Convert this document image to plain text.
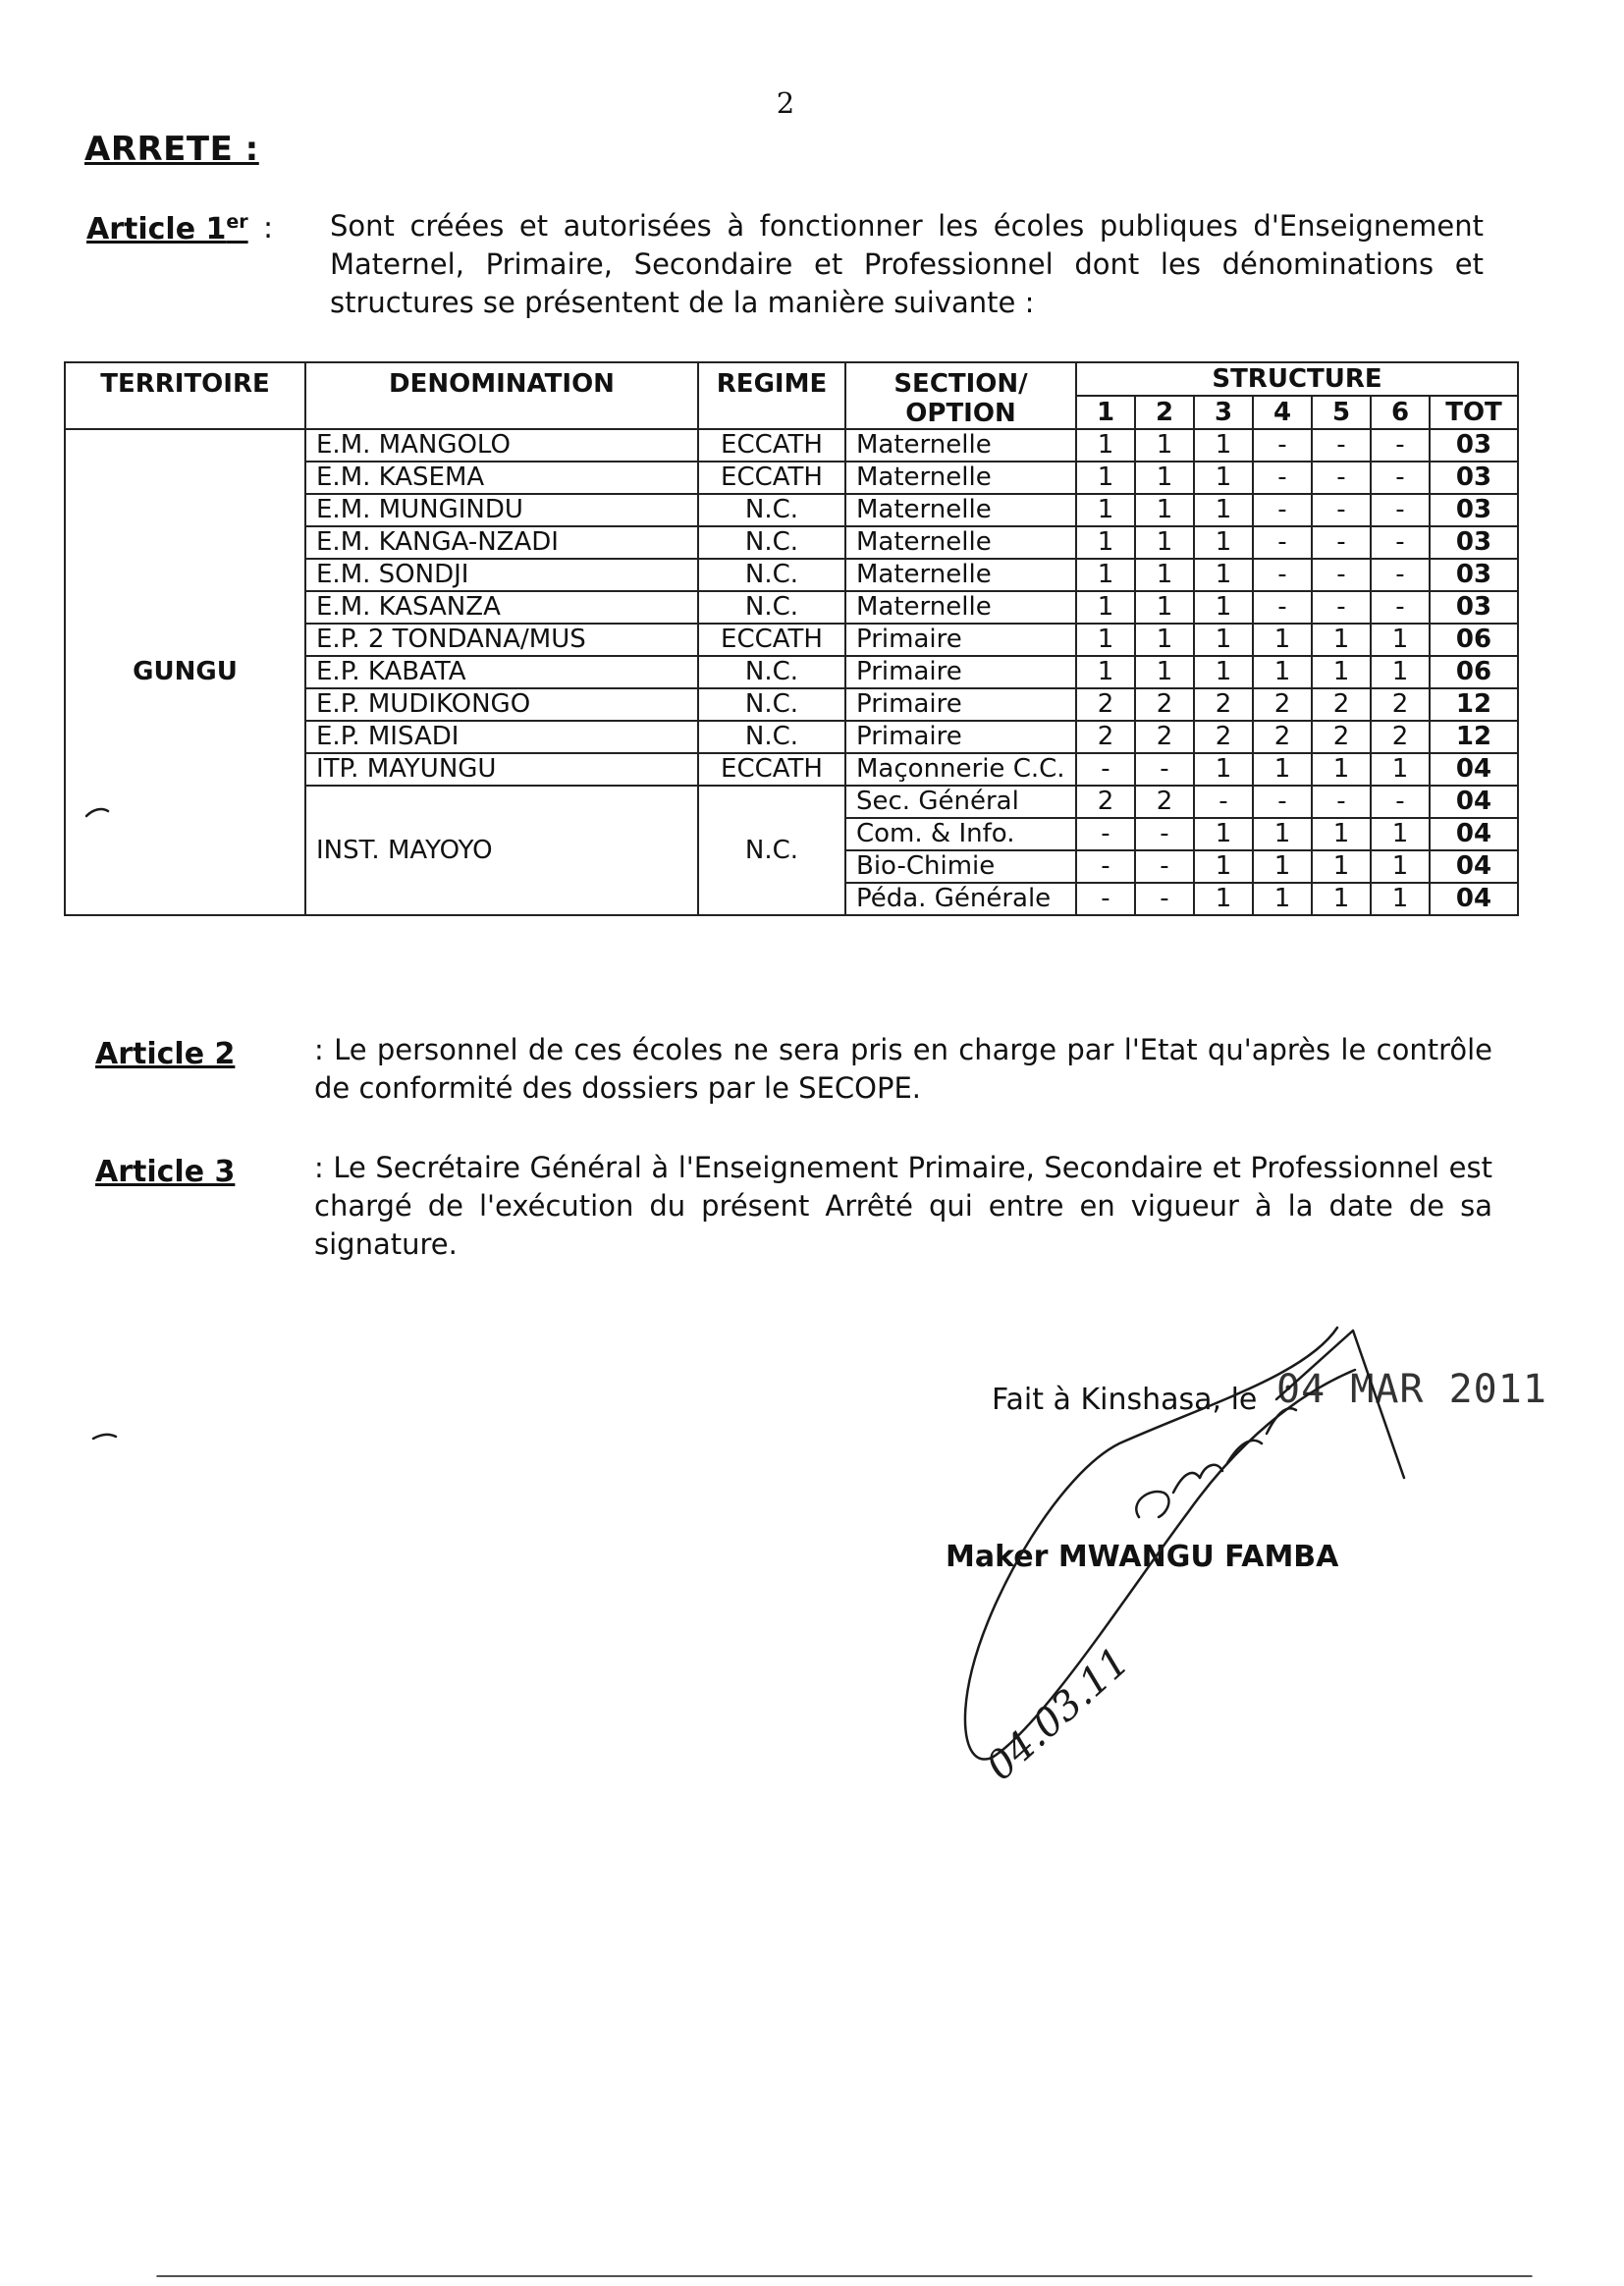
2
ARRETE :
Article 1er : Sont créées et autorisées à fonctionner les écoles publiques d'Enseignement Maternel, Primaire, Secondaire et Professionnel dont les dénominations et structures se présentent de la manière suivante :
TERRITOIRE	DENOMINATION	REGIME	SECTION/
OPTION	STRUCTURE						
				1	2	3	4	5	6	TOT
GUNGU	E.M. MANGOLO	ECCATH	Maternelle	1	1	1	-	-	-	03
	E.M. KASEMA	ECCATH	Maternelle	1	1	1	-	-	-	03
	E.M. MUNGINDU	N.C.	Maternelle	1	1	1	-	-	-	03
	E.M. KANGA-NZADI	N.C.	Maternelle	1	1	1	-	-	-	03
	E.M. SONDJI	N.C.	Maternelle	1	1	1	-	-	-	03
	E.M. KASANZA	N.C.	Maternelle	1	1	1	-	-	-	03
	E.P. 2 TONDANA/MUS	ECCATH	Primaire	1	1	1	1	1	1	06
	E.P. KABATA	N.C.	Primaire	1	1	1	1	1	1	06
	E.P. MUDIKONGO	N.C.	Primaire	2	2	2	2	2	2	12
	E.P. MISADI	N.C.	Primaire	2	2	2	2	2	2	12
	ITP. MAYUNGU	ECCATH	Maçonnerie C.C.	-	-	1	1	1	1	04
	INST. MAYOYO	N.C.	Sec. Général	2	2	-	-	-	-	04
			Com. & Info.	-	-	1	1	1	1	04
			Bio-Chimie	-	-	1	1	1	1	04
			Péda. Générale	-	-	1	1	1	1	04
Article 2	: Le personnel de ces écoles ne sera pris en charge par l'Etat qu'après le contrôle de conformité des dossiers par le SECOPE.
Article 3	: Le Secrétaire Général à l'Enseignement Primaire, Secondaire et Professionnel est chargé de l'exécution du présent Arrêté qui entre en vigueur à la date de sa signature.
Fait à Kinshasa, le 04 MAR 2011
Maker MWANGU FAMBA
04.03.11
